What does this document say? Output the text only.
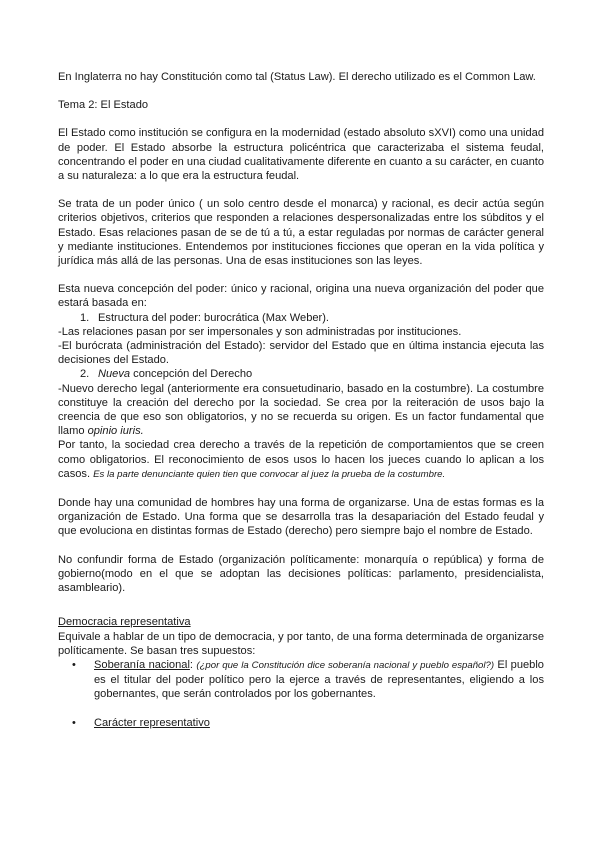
En Inglaterra no hay Constitución como tal (Status Law). El derecho utilizado es el Common Law.

Tema 2: El Estado

El Estado como institución se configura en la modernidad (estado absoluto sXVI) como una unidad de poder. El Estado absorbe la estructura policéntrica que caracterizaba el sistema feudal, concentrando el poder en una ciudad cualitativamente diferente en cuanto a su carácter, en cuanto a su naturaleza: a lo que era la estructura feudal.

Se trata de un poder único ( un solo centro desde el monarca) y racional, es decir actúa según criterios objetivos, criterios que responden a relaciones despersonalizadas entre los súbditos y el Estado. Esas relaciones pasan de se de tú a tú, a estar reguladas por normas de carácter general y mediante instituciones. Entendemos por instituciones ficciones que operan en la vida política y jurídica más allá de las personas. Una de esas instituciones son las leyes.

Esta nueva concepción del poder: único y racional, origina una nueva organización del poder que estará basada en:

1. Estructura del poder: burocrática (Max Weber).

-Las relaciones pasan por ser impersonales y son administradas por instituciones.

-El burócrata (administración del Estado): servidor del Estado que en última instancia ejecuta las decisiones del Estado.

2. Nueva concepción del Derecho

-Nuevo derecho legal (anteriormente era consuetudinario, basado en la costumbre). La costumbre constituye la creación del derecho por la sociedad. Se crea por la reiteración de usos bajo la creencia de que eso son obligatorios, y no se recuerda su origen. Es un factor fundamental que llamo opinio iuris.

Por tanto, la sociedad crea derecho a través de la repetición de comportamientos que se creen como obligatorios. El reconocimiento de esos usos lo hacen los jueces cuando lo aplican a los casos. Es la parte denunciante quien tien que convocar al juez la prueba de la costumbre.

Donde hay una comunidad de hombres hay una forma de organizarse. Una de estas formas es la organización de Estado. Una forma que se desarrolla tras la desapariación del Estado feudal y que evoluciona en distintas formas de Estado (derecho) pero siempre bajo el nombre de Estado.

No confundir forma de Estado (organización políticamente: monarquía o república) y forma de gobierno(modo en el que se adoptan las decisiones políticas: parlamento, presidencialista, asambleario).

Democracia representativa

Equivale a hablar de un tipo de democracia, y por tanto, de una forma determinada de organizarse políticamente. Se basan tres supuestos:

•	Soberanía nacional: (¿por que la Constitución dice soberanía nacional y pueblo español?) El pueblo es el titular del poder político pero la ejerce a través de representantes, eligiendo a los gobernantes, que serán controlados por los gobernantes.
•	Carácter representativo
